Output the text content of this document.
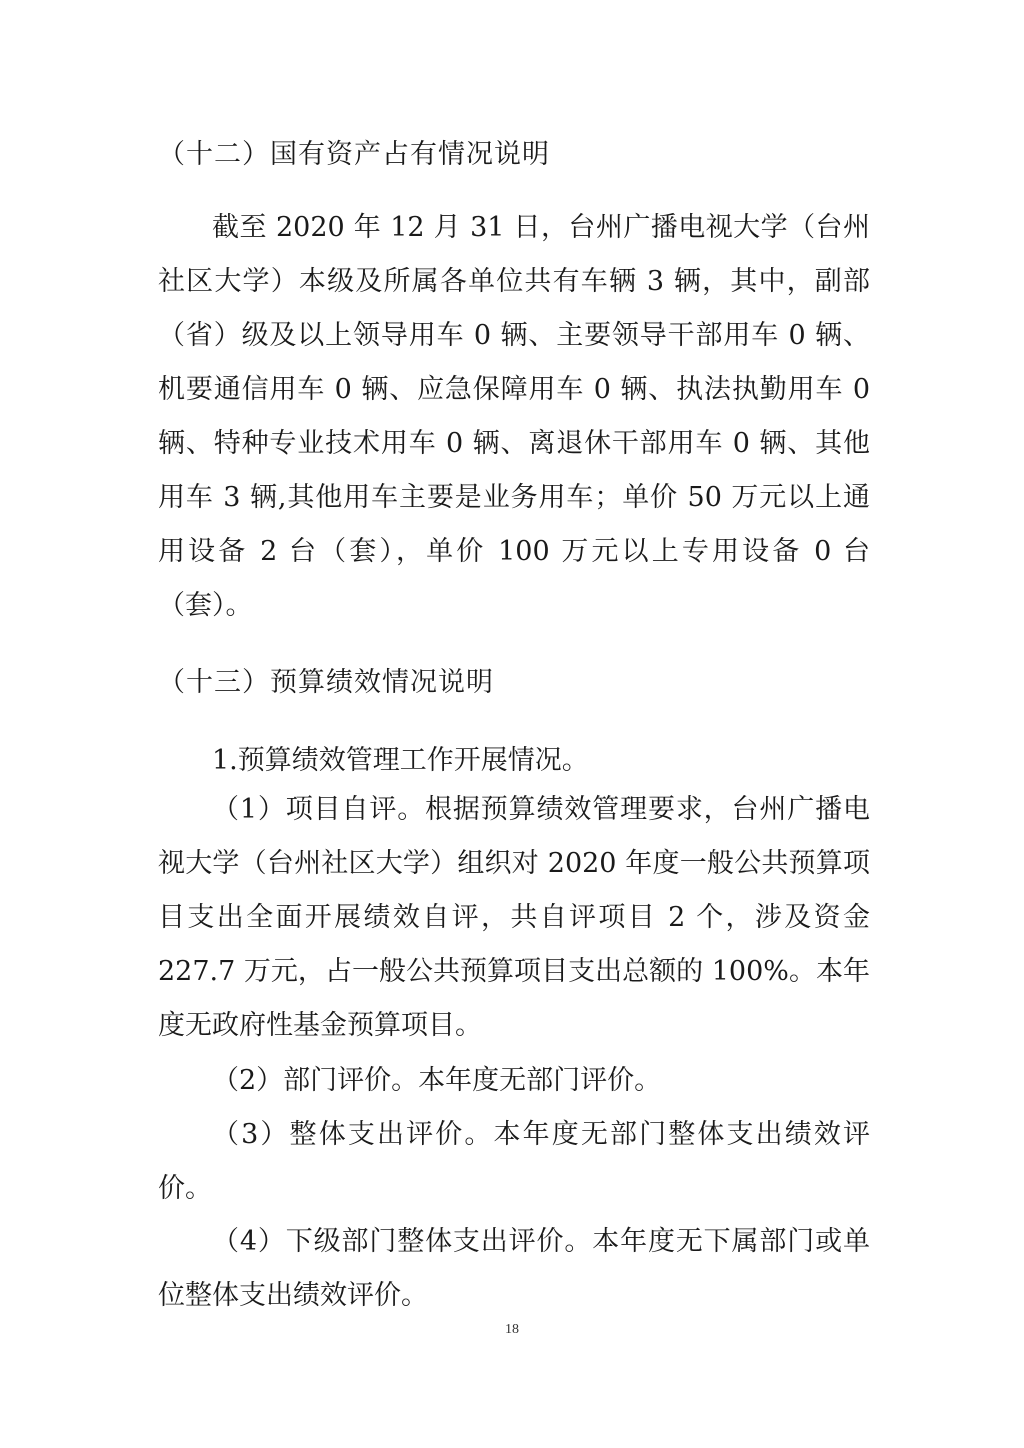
（十二）国有资产占有情况说明

截至 2020 年 12 月 31 日，台州广播电视大学（台州社区大学）本级及所属各单位共有车辆 3 辆，其中，副部（省）级及以上领导用车 0 辆、主要领导干部用车 0 辆、机要通信用车 0 辆、应急保障用车 0 辆、执法执勤用车 0 辆、特种专业技术用车 0 辆、离退休干部用车 0 辆、其他用车 3 辆,其他用车主要是业务用车；单价 50 万元以上通用设备 2 台（套），单价 100 万元以上专用设备 0 台（套）。

（十三）预算绩效情况说明
1.预算绩效管理工作开展情况。

（1）项目自评。根据预算绩效管理要求，台州广播电视大学（台州社区大学）组织对 2020 年度一般公共预算项目支出全面开展绩效自评，共自评项目 2 个，涉及资金 227.7 万元，占一般公共预算项目支出总额的 100%。本年度无政府性基金预算项目。

（2）部门评价。本年度无部门评价。

（3）整体支出评价。本年度无部门整体支出绩效评价。

（4）下级部门整体支出评价。本年度无下属部门或单位整体支出绩效评价。

18
